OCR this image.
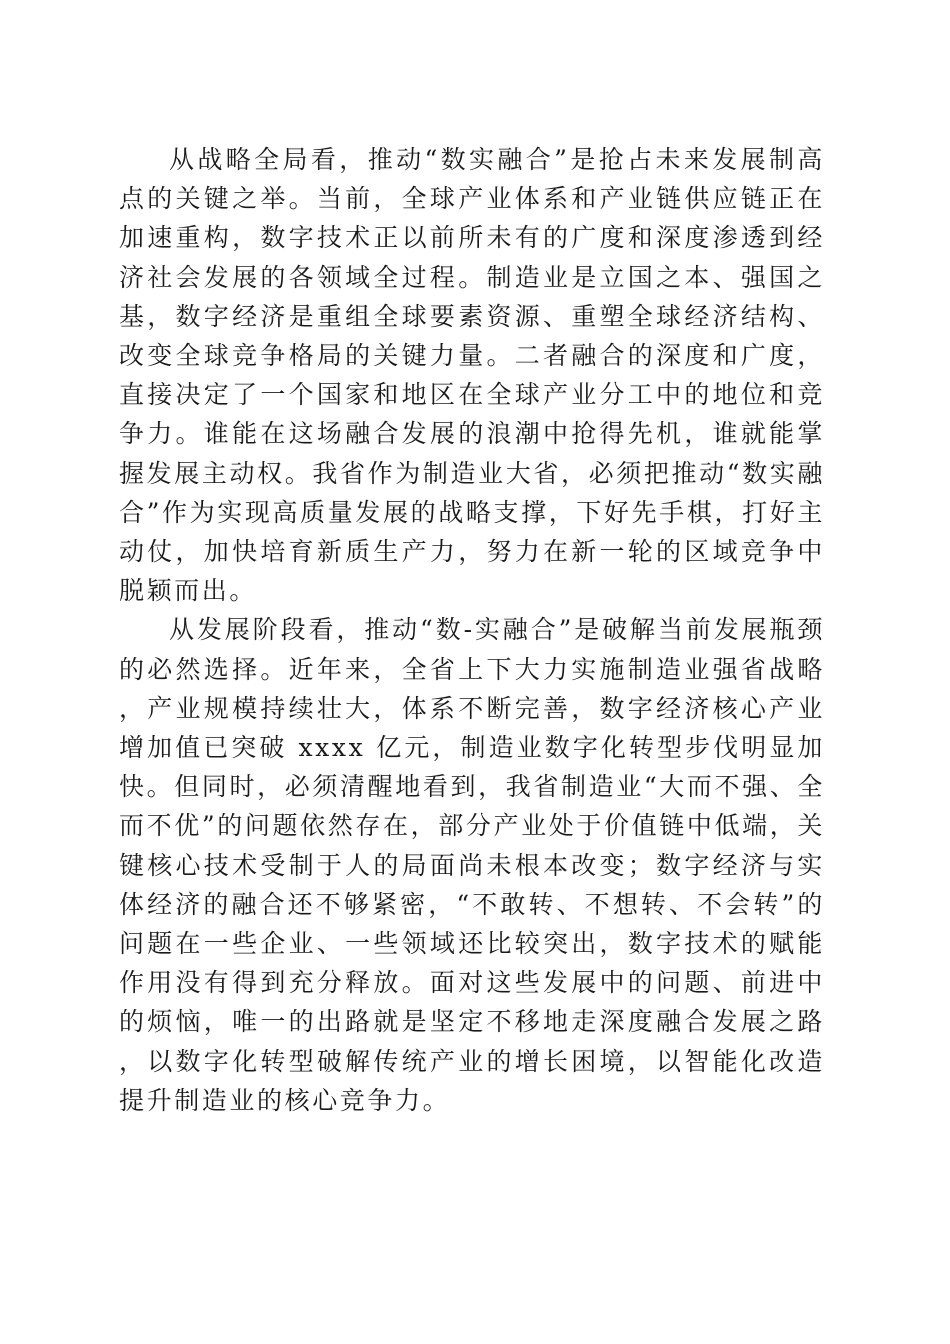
从战略全局看，推动“数实融合”是抢占未来发展制高点的关键之举。当前，全球产业体系和产业链供应链正在加速重构，数字技术正以前所未有的广度和深度渗透到经济社会发展的各领域全过程。制造业是立国之本、强国之基，数字经济是重组全球要素资源、重塑全球经济结构、改变全球竞争格局的关键力量。二者融合的深度和广度，直接决定了一个国家和地区在全球产业分工中的地位和竞争力。谁能在这场融合发展的浪潮中抢得先机，谁就能掌握发展主动权。我省作为制造业大省，必须把推动“数实融合”作为实现高质量发展的战略支撑，下好先手棋，打好主动仗，加快培育新质生产力，努力在新一轮的区域竞争中脱颖而出。

从发展阶段看，推动“数-实融合”是破解当前发展瓶颈的必然选择。近年来，全省上下大力实施制造业强省战略，产业规模持续壮大，体系不断完善，数字经济核心产业增加值已突破 xxxx 亿元，制造业数字化转型步伐明显加快。但同时，必须清醒地看到，我省制造业“大而不强、全而不优”的问题依然存在，部分产业处于价值链中低端，关键核心技术受制于人的局面尚未根本改变；数字经济与实体经济的融合还不够紧密，“不敢转、不想转、不会转”的问题在一些企业、一些领域还比较突出，数字技术的赋能作用没有得到充分释放。面对这些发展中的问题、前进中的烦恼，唯一的出路就是坚定不移地走深度融合发展之路，以数字化转型破解传统产业的增长困境，以智能化改造提升制造业的核心竞争力。
